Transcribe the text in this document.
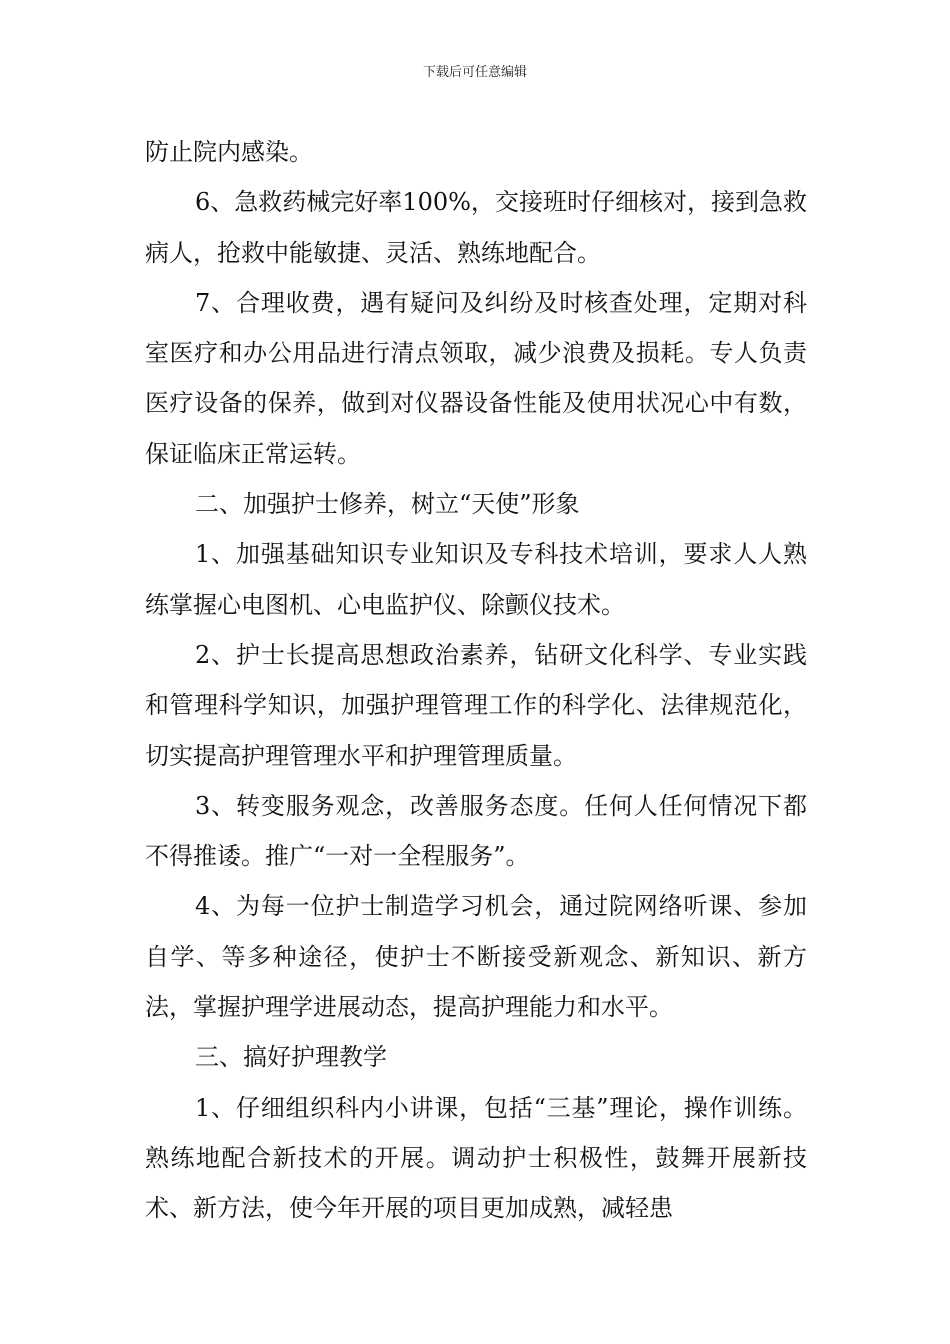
下载后可任意编辑

防止院内感染。

6、急救药械完好率100%，交接班时仔细核对，接到急救病人，抢救中能敏捷、灵活、熟练地配合。

7、合理收费，遇有疑问及纠纷及时核查处理，定期对科室医疗和办公用品进行清点领取，减少浪费及损耗。专人负责医疗设备的保养，做到对仪器设备性能及使用状况心中有数，保证临床正常运转。

二、加强护士修养，树立“天使”形象

1、加强基础知识专业知识及专科技术培训，要求人人熟练掌握心电图机、心电监护仪、除颤仪技术。

2、护士长提高思想政治素养，钻研文化科学、专业实践和管理科学知识，加强护理管理工作的科学化、法律规范化，切实提高护理管理水平和护理管理质量。

3、转变服务观念，改善服务态度。任何人任何情况下都不得推诿。推广“一对一全程服务”。

4、为每一位护士制造学习机会，通过院网络听课、参加自学、等多种途径，使护士不断接受新观念、新知识、新方法，掌握护理学进展动态，提高护理能力和水平。

三、搞好护理教学

1、仔细组织科内小讲课，包括“三基”理论，操作训练。熟练地配合新技术的开展。调动护士积极性，鼓舞开展新技术、新方法，使今年开展的项目更加成熟，减轻患
